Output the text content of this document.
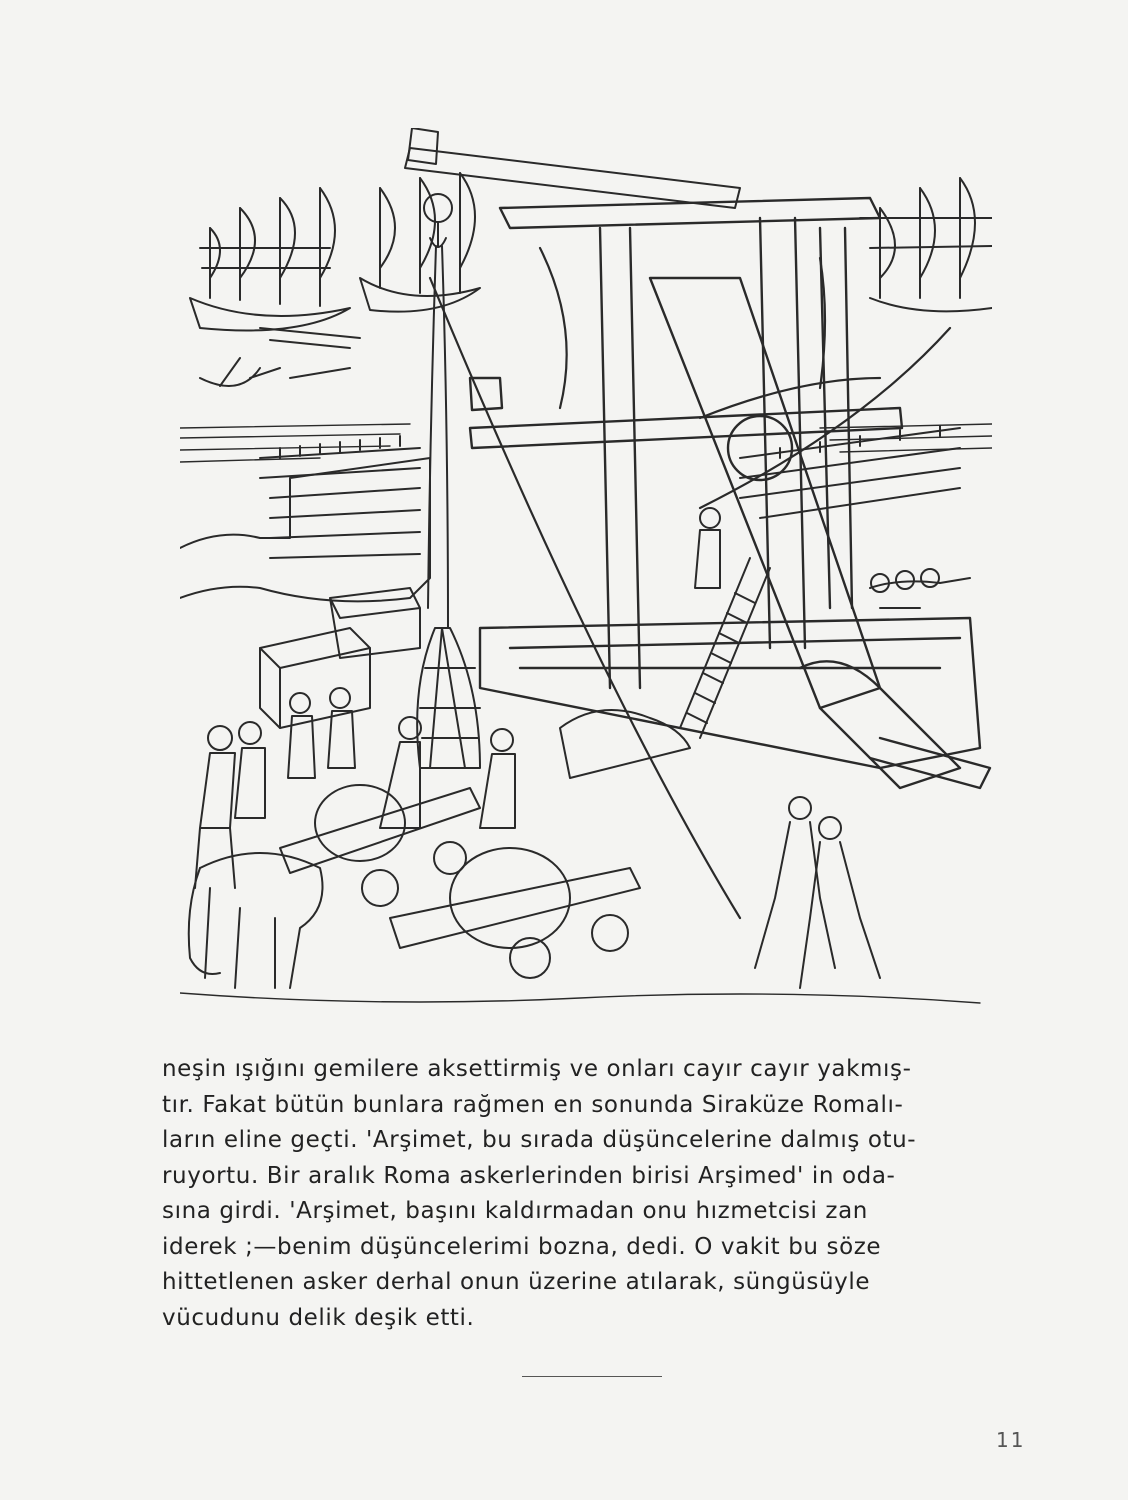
neşin ışığını gemilere aksettirmiş ve onları cayır cayır yakmış-
tır. Fakat bütün bunlara rağmen en sonunda Siraküze Romalı-
ların eline geçti. 'Arşimet, bu sırada düşüncelerine dalmış otu-
ruyortu. Bir aralık Roma askerlerinden birisi Arşimed' in oda-
sına girdi. 'Arşimet, başını kaldırmadan onu hızmetcisi zan
iderek ;—benim düşüncelerimi bozna, dedi. O vakit bu söze
hittetlenen asker derhal onun üzerine atılarak, süngüsüyle
vücudunu delik deşik etti.
11
